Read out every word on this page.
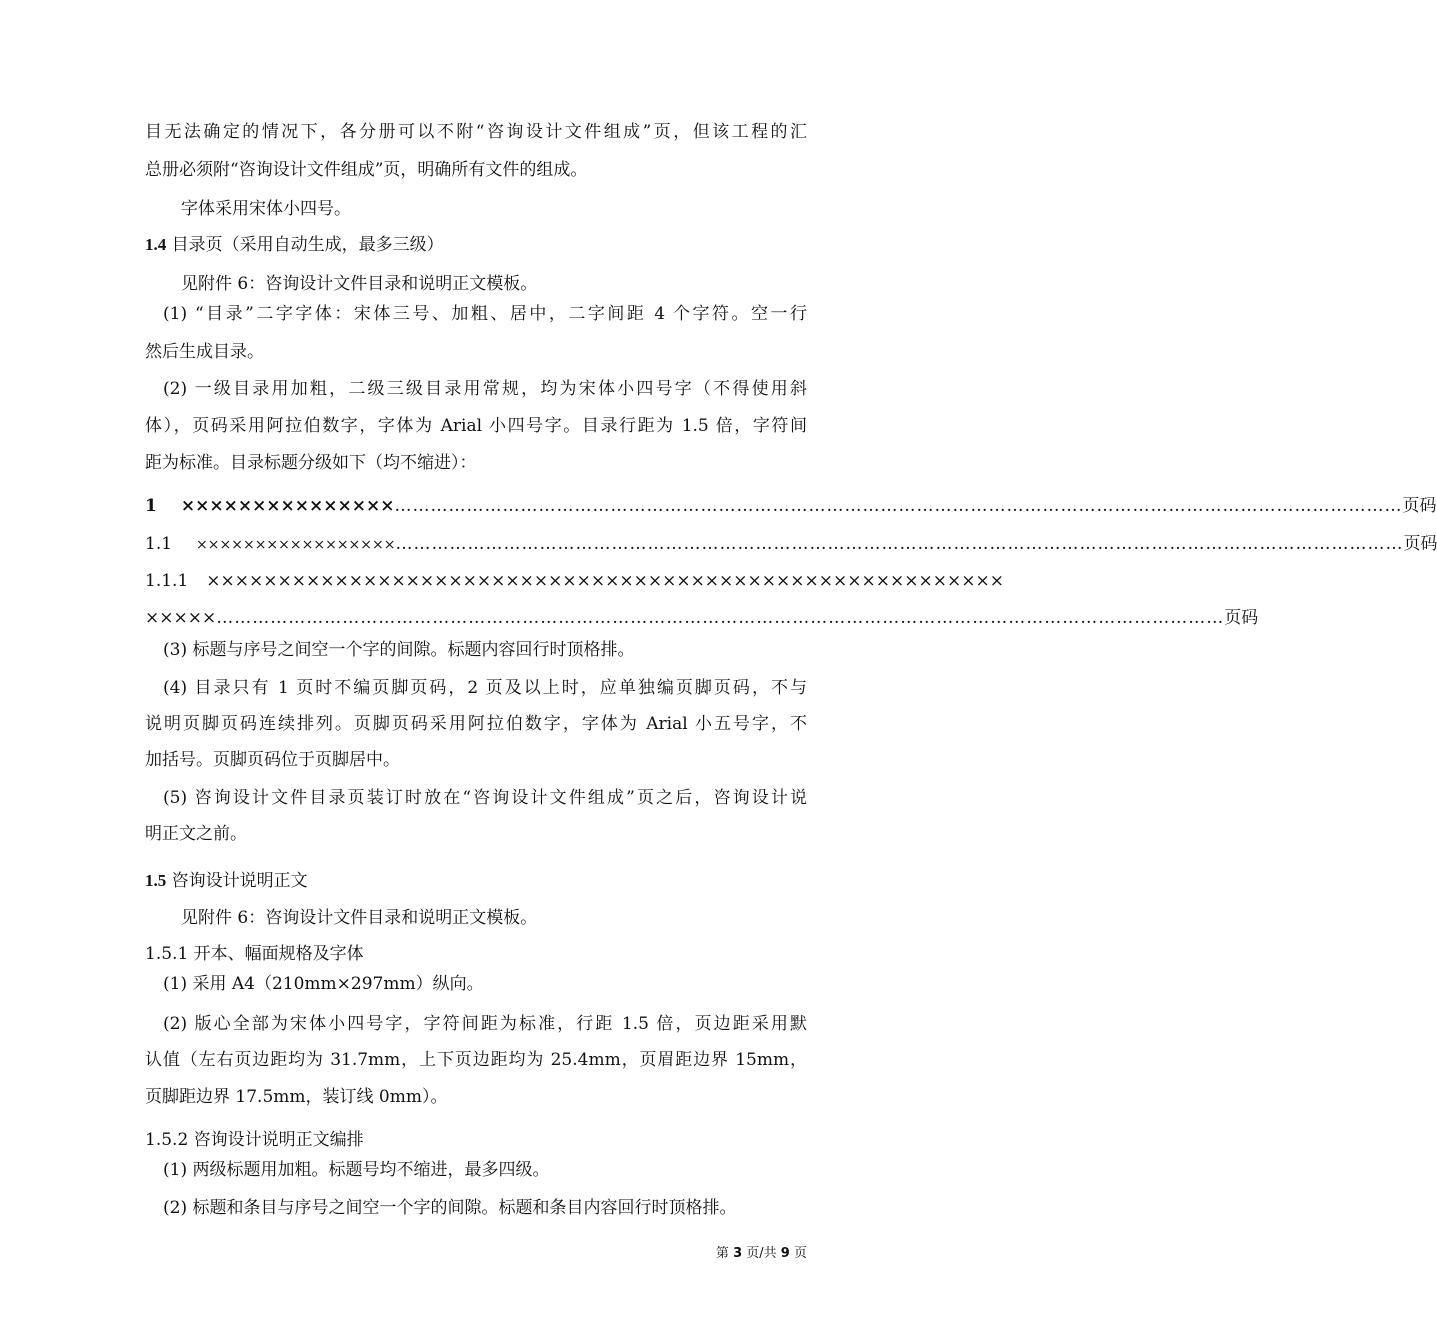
目无法确定的情况下，各分册可以不附“咨询设计文件组成”页，但该工程的汇
总册必须附“咨询设计文件组成”页，明确所有文件的组成。
字体采用宋体小四号。
1.4 目录页（采用自动生成，最多三级）
见附件 6：咨询设计文件目录和说明正文模板。
(1) “目录”二字字体：宋体三号、加粗、居中，二字间距 4 个字符。空一行
然后生成目录。
(2) 一级目录用加粗，二级三级目录用常规，均为宋体小四号字（不得使用斜
体），页码采用阿拉伯数字，字体为 Arial 小四号字。目录行距为 1.5 倍，字符间
距为标准。目录标题分级如下（均不缩进）：
1 ××××××××××××××× …………………………………………………………………………………………………………………………………………………… 页码
1.1 ××××××××××××××××× …………………………………………………………………………………………………………………………………………………… 页码
1.1.1 ××××××××××××××××××××××××××××××××××××××××××××××××××××××××
××××× …………………………………………………………………………………………………………………………………………………… 页码
(3) 标题与序号之间空一个字的间隙。标题内容回行时顶格排。
(4) 目录只有 1 页时不编页脚页码，2 页及以上时，应单独编页脚页码，不与
说明页脚页码连续排列。页脚页码采用阿拉伯数字，字体为 Arial 小五号字，不
加括号。页脚页码位于页脚居中。
(5) 咨询设计文件目录页装订时放在“咨询设计文件组成”页之后，咨询设计说
明正文之前。
1.5 咨询设计说明正文
见附件 6：咨询设计文件目录和说明正文模板。
1.5.1 开本、幅面规格及字体
(1) 采用 A4（210mm×297mm）纵向。
(2) 版心全部为宋体小四号字，字符间距为标准，行距 1.5 倍，页边距采用默
认值（左右页边距均为 31.7mm，上下页边距均为 25.4mm，页眉距边界 15mm，
页脚距边界 17.5mm，装订线 0mm）。
1.5.2 咨询设计说明正文编排
(1) 两级标题用加粗。标题号均不缩进，最多四级。
(2) 标题和条目与序号之间空一个字的间隙。标题和条目内容回行时顶格排。
第 3 页/共 9 页
